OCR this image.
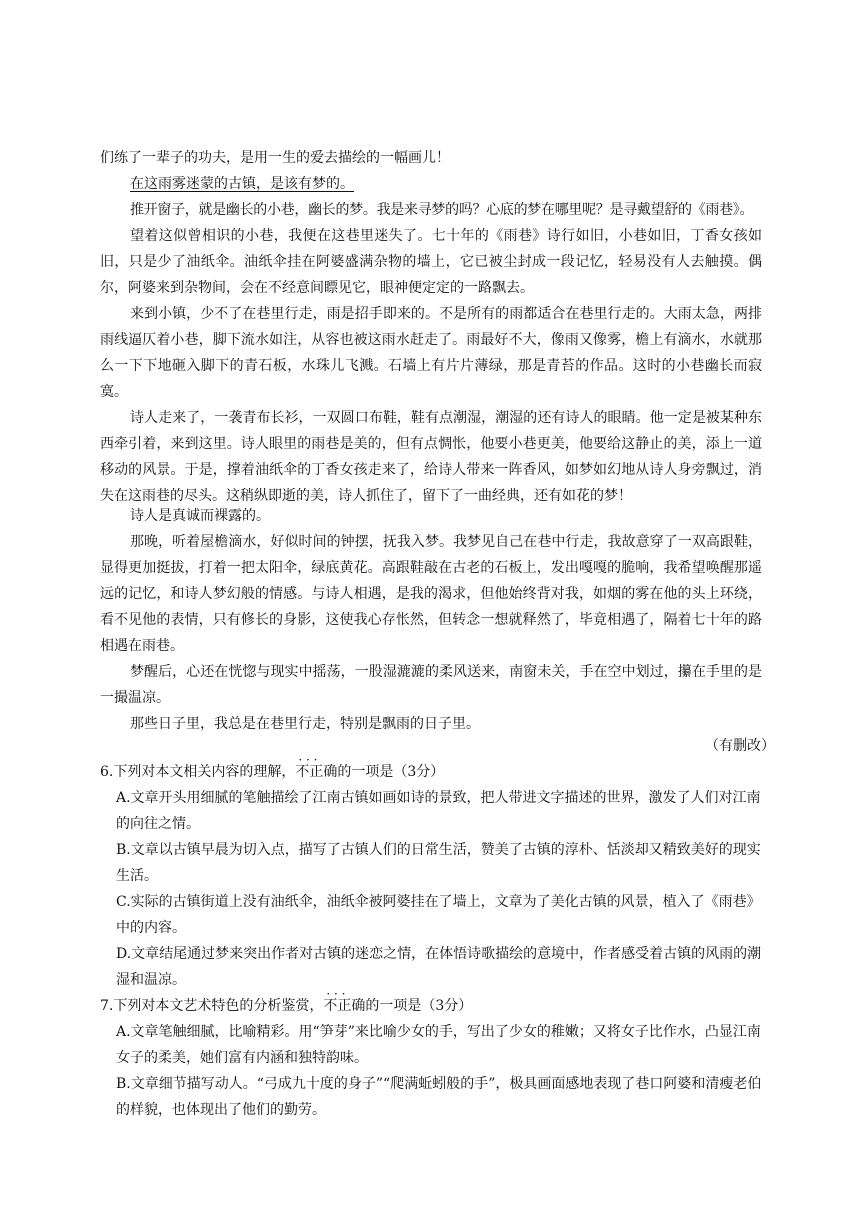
们练了一辈子的功夫，是用一生的爱去描绘的一幅画儿！
在这雨雾迷蒙的古镇，是该有梦的。
推开窗子，就是幽长的小巷，幽长的梦。我是来寻梦的吗？心底的梦在哪里呢？是寻戴望舒的《雨巷》。
望着这似曾相识的小巷，我便在这巷里迷失了。七十年的《雨巷》诗行如旧，小巷如旧，丁香女孩如旧，只是少了油纸伞。油纸伞挂在阿婆盛满杂物的墙上，它已被尘封成一段记忆，轻易没有人去触摸。偶尔，阿婆来到杂物间，会在不经意间瞟见它，眼神便定定的一路飘去。
来到小镇，少不了在巷里行走，雨是招手即来的。不是所有的雨都适合在巷里行走的。大雨太急，两排雨线逼仄着小巷，脚下流水如注，从容也被这雨水赶走了。雨最好不大，像雨又像雾，檐上有滴水，水就那么一下下地砸入脚下的青石板，水珠儿飞溅。石墙上有片片薄绿，那是青苔的作品。这时的小巷幽长而寂寞。
诗人走来了，一袭青布长衫，一双圆口布鞋，鞋有点潮湿，潮湿的还有诗人的眼睛。他一定是被某种东西牵引着，来到这里。诗人眼里的雨巷是美的，但有点惆怅，他要小巷更美，他要给这静止的美，添上一道移动的风景。于是，撑着油纸伞的丁香女孩走来了，给诗人带来一阵香风，如梦如幻地从诗人身旁飘过，消失在这雨巷的尽头。这稍纵即逝的美，诗人抓住了，留下了一曲经典，还有如花的梦！
诗人是真诚而裸露的。
那晚，听着屋檐滴水，好似时间的钟摆，抚我入梦。我梦见自己在巷中行走，我故意穿了一双高跟鞋，显得更加挺拔，打着一把太阳伞，绿底黄花。高跟鞋敲在古老的石板上，发出嘎嘎的脆响，我希望唤醒那遥远的记忆，和诗人梦幻般的情感。与诗人相遇，是我的渴求，但他始终背对我，如烟的雾在他的头上环绕，看不见他的表情，只有修长的身影，这使我心存怅然，但转念一想就释然了，毕竟相遇了，隔着七十年的路相遇在雨巷。
梦醒后，心还在恍惚与现实中摇荡，一股湿漉漉的柔风送来，南窗未关，手在空中划过，攥在手里的是一撮温凉。
那些日子里，我总是在巷里行走，特别是飘雨的日子里。
（有删改）
6.下列对本文相关内容的理解，不正确 · · ·的一项是（3分）
A.文章开头用细腻的笔触描绘了江南古镇如画如诗的景致，把人带进文字描述的世界，激发了人们对江南的向往之情。
B.文章以古镇早晨为切入点，描写了古镇人们的日常生活，赞美了古镇的淳朴、恬淡却又精致美好的现实生活。
C.实际的古镇街道上没有油纸伞，油纸伞被阿婆挂在了墙上，文章为了美化古镇的风景，植入了《雨巷》中的内容。
D.文章结尾通过梦来突出作者对古镇的迷恋之情，在体悟诗歌描绘的意境中，作者感受着古镇的风雨的潮湿和温凉。
7.下列对本文艺术特色的分析鉴赏，不正确 · · ·的一项是（3分）
A.文章笔触细腻，比喻精彩。用“笋芽”来比喻少女的手，写出了少女的稚嫩；又将女子比作水，凸显江南女子的柔美，她们富有内涵和独特韵味。
B.文章细节描写动人。“弓成九十度的身子”“爬满蚯蚓般的手”，极具画面感地表现了巷口阿婆和清瘦老伯的样貌，也体现出了他们的勤劳。
